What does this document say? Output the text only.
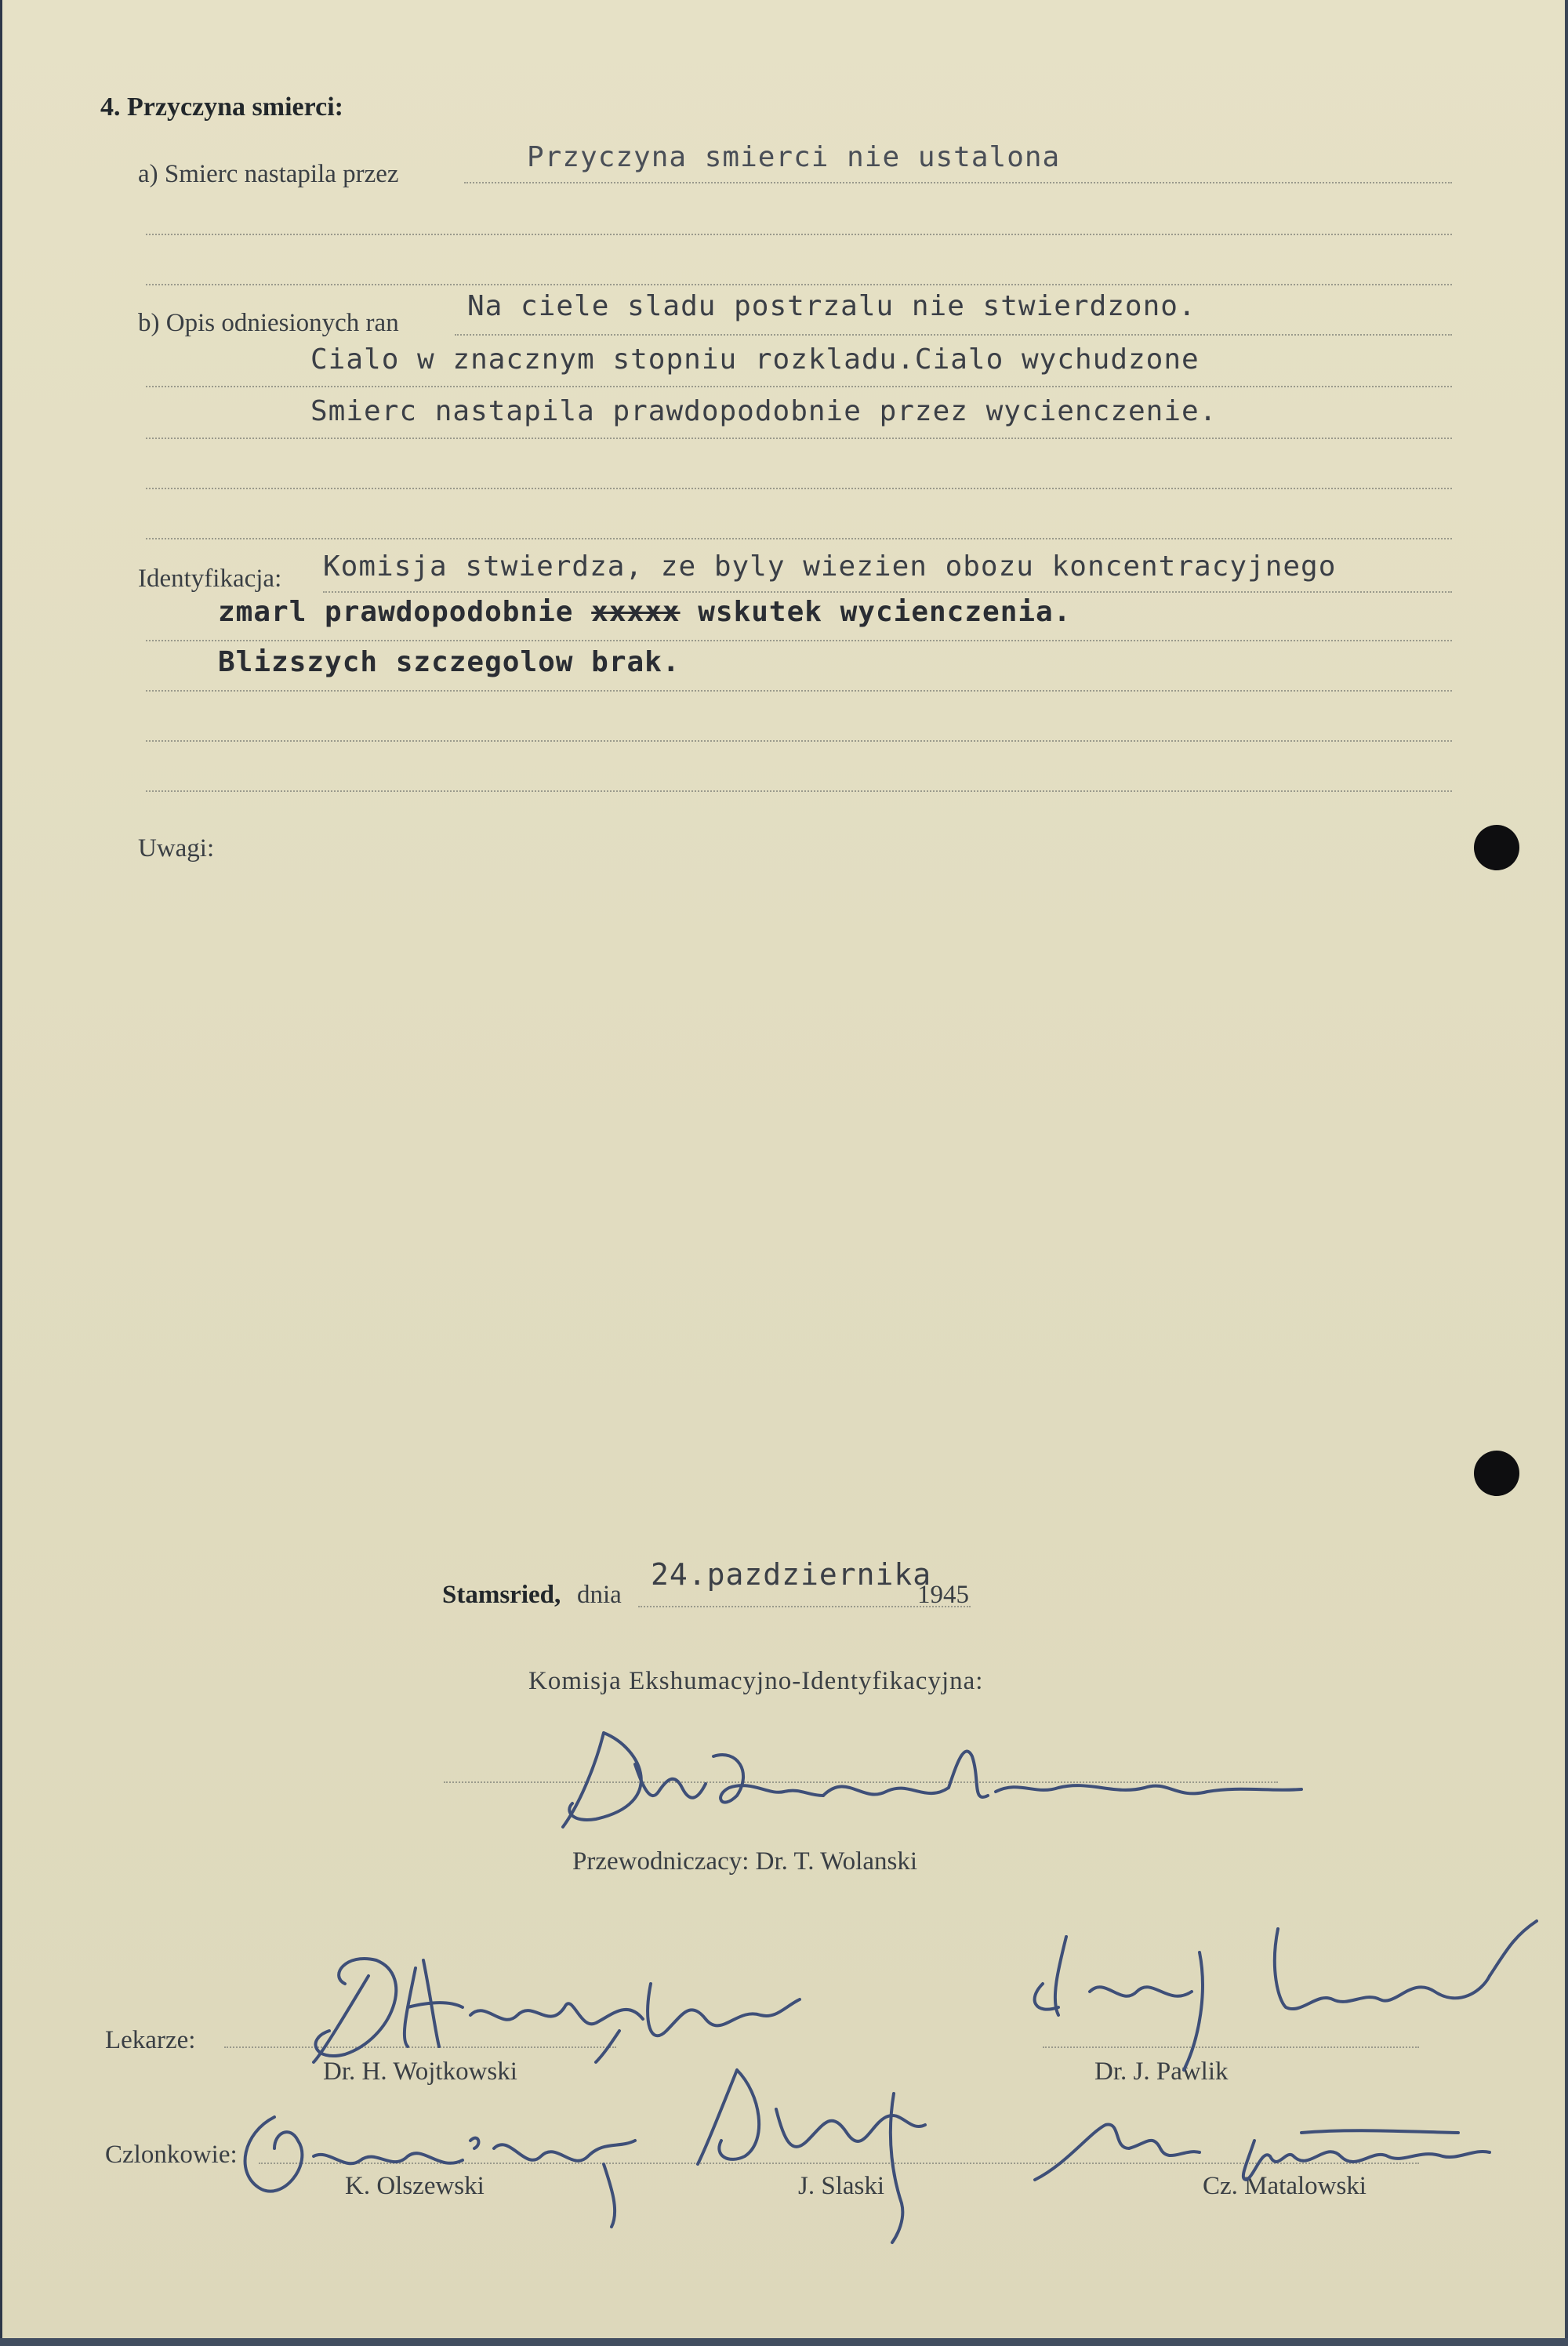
4. Przyczyna smierci:
a) Smierc nastapila przez
Przyczyna smierci nie ustalona
b) Opis odniesionych ran
Na ciele sladu postrzalu nie stwierdzono.
Cialo w znacznym stopniu rozkladu.Cialo wychudzone
Smierc nastapila prawdopodobnie przez wycienczenie.
Identyfikacja: Komisja stwierdza, ze byly wiezien obozu koncentracyjnego
zmarl prawdopodobnie xxxxx wskutek wycienczenia.
Blizszych szczegolow brak.
Uwagi:
Stamsried, dnia
24.pazdziernika
1945
Komisja Ekshumacyjno-Identyfikacyjna:
Przewodniczacy: Dr. T. Wolanski
Lekarze:
Dr. H. Wojtkowski	Dr. J. Pawlik
Czlonkowie:
K. Olszewski	J. Slaski	Cz. Matalowski
